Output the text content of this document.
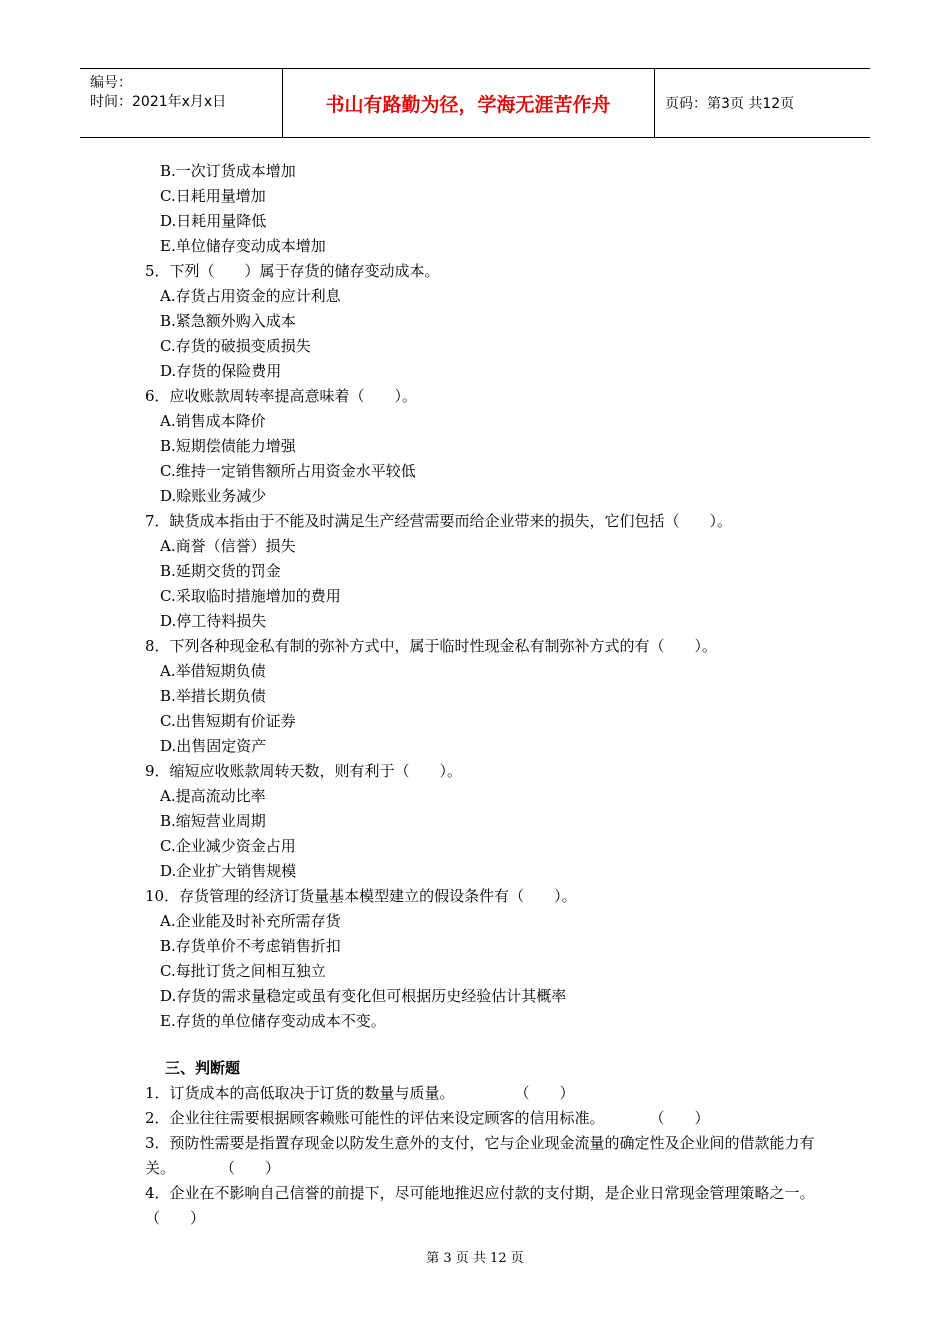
编号：
时间：2021年x月x日	书山有路勤为径，学海无涯苦作舟	页码：第3页 共12页
B.一次订货成本增加
C.日耗用量增加
D.日耗用量降低
E.单位储存变动成本增加
5．下列（　　）属于存货的储存变动成本。
A.存货占用资金的应计利息
B.紧急额外购入成本
C.存货的破损变质损失
D.存货的保险费用
6．应收账款周转率提高意味着（　　）。
A.销售成本降价
B.短期偿债能力增强
C.维持一定销售额所占用资金水平较低
D.赊账业务减少
7．缺货成本指由于不能及时满足生产经营需要而给企业带来的损失，它们包括（　　）。
A.商誉（信誉）损失
B.延期交货的罚金
C.采取临时措施增加的费用
D.停工待料损失
8．下列各种现金私有制的弥补方式中，属于临时性现金私有制弥补方式的有（　　）。
A.举借短期负债
B.举措长期负债
C.出售短期有价证券
D.出售固定资产
9．缩短应收账款周转天数，则有利于（　　）。
A.提高流动比率
B.缩短营业周期
C.企业减少资金占用
D.企业扩大销售规模
10．存货管理的经济订货量基本模型建立的假设条件有（　　）。
A.企业能及时补充所需存货
B.存货单价不考虑销售折扣
C.每批订货之间相互独立
D.存货的需求量稳定或虽有变化但可根据历史经验估计其概率
E.存货的单位储存变动成本不变。
三、判断题
1．订货成本的高低取决于订货的数量与质量。　　　　　（　　）
2．企业往往需要根据顾客赖账可能性的评估来设定顾客的信用标准。　　　　（　　）
3．预防性需要是指置存现金以防发生意外的支付，它与企业现金流量的确定性及企业间的借款能力有关。　　　　（　　）
4．企业在不影响自己信誉的前提下，尽可能地推迟应付款的支付期，是企业日常现金管理策略之一。　　　　（　　）
第 3 页 共 12 页
